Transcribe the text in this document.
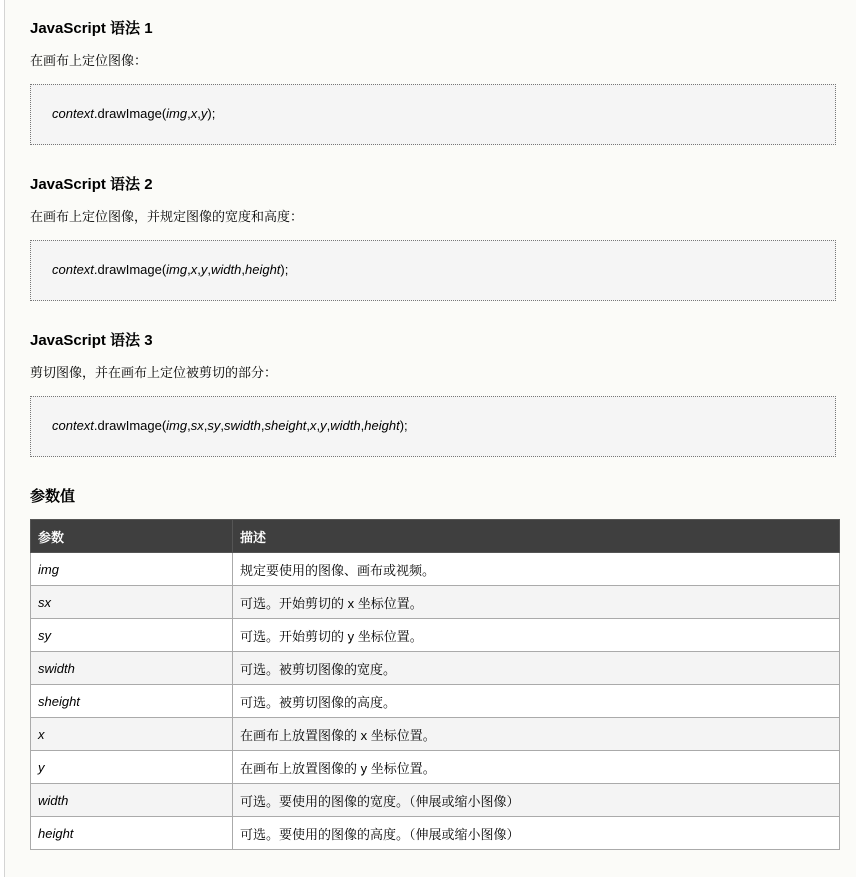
JavaScript 语法 1

在画布上定位图像：

context.drawImage(img,x,y);
JavaScript 语法 2

在画布上定位图像，并规定图像的宽度和高度：

context.drawImage(img,x,y,width,height);
JavaScript 语法 3

剪切图像，并在画布上定位被剪切的部分：

context.drawImage(img,sx,sy,swidth,sheight,x,y,width,height);
参数值
参数	描述
img	规定要使用的图像、画布或视频。
sx	可选。开始剪切的 x 坐标位置。
sy	可选。开始剪切的 y 坐标位置。
swidth	可选。被剪切图像的宽度。
sheight	可选。被剪切图像的高度。
x	在画布上放置图像的 x 坐标位置。
y	在画布上放置图像的 y 坐标位置。
width	可选。要使用的图像的宽度。（伸展或缩小图像）
height	可选。要使用的图像的高度。（伸展或缩小图像）
